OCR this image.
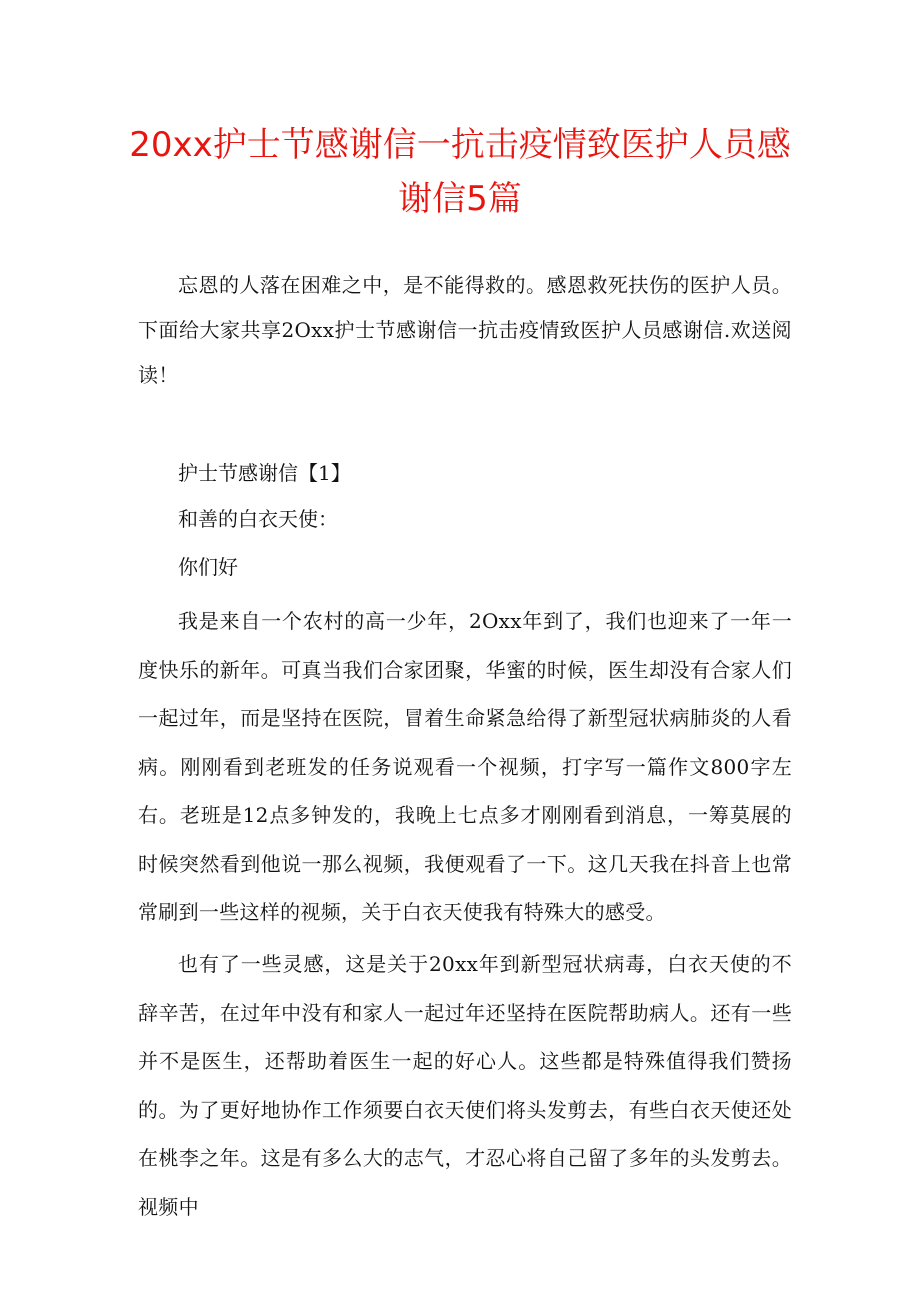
20xx护士节感谢信一抗击疫情致医护人员感谢信5篇

忘恩的人落在困难之中，是不能得救的。感恩救死扶伤的医护人员。下面给大家共享2Oxx护士节感谢信一抗击疫情致医护人员感谢信.欢送阅读！

护士节感谢信【1】

和善的白衣天使：

你们好

我是来自一个农村的高一少年，2Oxx年到了，我们也迎来了一年一度快乐的新年。可真当我们合家团聚，华蜜的时候，医生却没有合家人们一起过年，而是坚持在医院，冒着生命紧急给得了新型冠状病肺炎的人看病。刚刚看到老班发的任务说观看一个视频，打字写一篇作文800字左右。老班是12点多钟发的，我晚上七点多才刚刚看到消息，一筹莫展的时候突然看到他说一那么视频，我便观看了一下。这几天我在抖音上也常常刷到一些这样的视频，关于白衣天使我有特殊大的感受。

也有了一些灵感，这是关于20xx年到新型冠状病毒，白衣天使的不辞辛苦，在过年中没有和家人一起过年还坚持在医院帮助病人。还有一些并不是医生，还帮助着医生一起的好心人。这些都是特殊值得我们赞扬的。为了更好地协作工作须要白衣天使们将头发剪去，有些白衣天使还处在桃李之年。这是有多么大的志气，才忍心将自己留了多年的头发剪去。视频中
